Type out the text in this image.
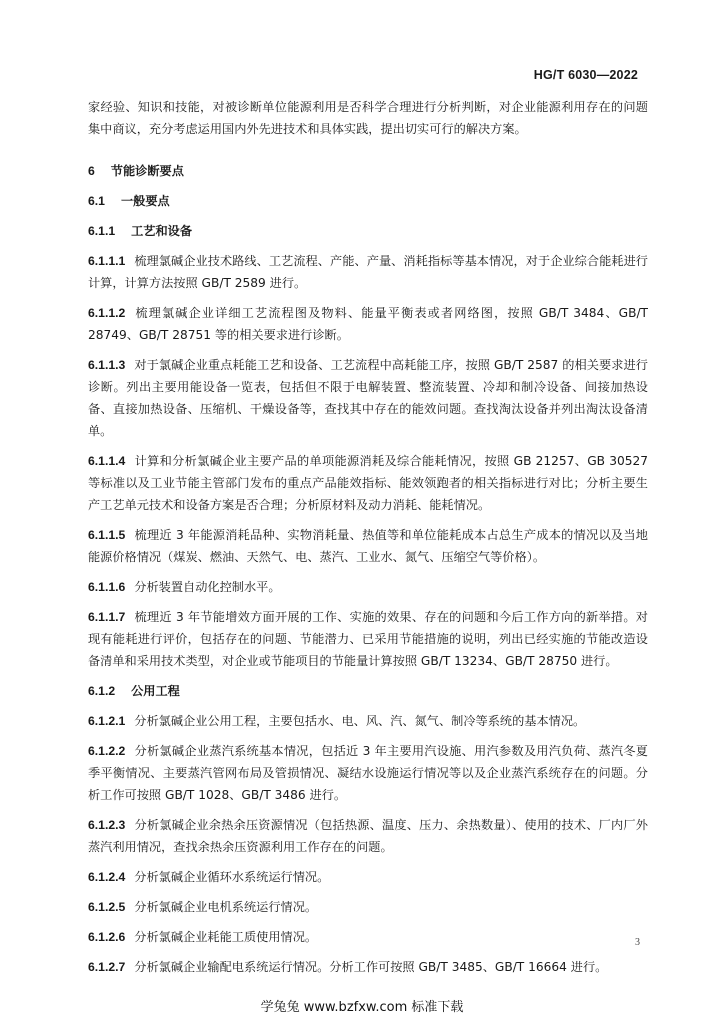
HG/T 6030—2022

家经验、知识和技能，对被诊断单位能源利用是否科学合理进行分析判断，对企业能源利用存在的问题集中商议，充分考虑运用国内外先进技术和具体实践，提出切实可行的解决方案。

6 节能诊断要点

6.1 一般要点

6.1.1 工艺和设备

6.1.1.1 梳理氯碱企业技术路线、工艺流程、产能、产量、消耗指标等基本情况，对于企业综合能耗进行计算，计算方法按照 GB/T 2589 进行。

6.1.1.2 梳理氯碱企业详细工艺流程图及物料、能量平衡表或者网络图，按照 GB/T 3484、GB/T 28749、GB/T 28751 等的相关要求进行诊断。

6.1.1.3 对于氯碱企业重点耗能工艺和设备、工艺流程中高耗能工序，按照 GB/T 2587 的相关要求进行诊断。列出主要用能设备一览表，包括但不限于电解装置、整流装置、冷却和制冷设备、间接加热设备、直接加热设备、压缩机、干燥设备等，查找其中存在的能效问题。查找淘汰设备并列出淘汰设备清单。

6.1.1.4 计算和分析氯碱企业主要产品的单项能源消耗及综合能耗情况，按照 GB 21257、GB 30527 等标准以及工业节能主管部门发布的重点产品能效指标、能效领跑者的相关指标进行对比；分析主要生产工艺单元技术和设备方案是否合理；分析原材料及动力消耗、能耗情况。

6.1.1.5 梳理近 3 年能源消耗品种、实物消耗量、热值等和单位能耗成本占总生产成本的情况以及当地能源价格情况（煤炭、燃油、天然气、电、蒸汽、工业水、氮气、压缩空气等价格）。

6.1.1.6 分析装置自动化控制水平。

6.1.1.7 梳理近 3 年节能增效方面开展的工作、实施的效果、存在的问题和今后工作方向的新举措。对现有能耗进行评价，包括存在的问题、节能潜力、已采用节能措施的说明，列出已经实施的节能改造设备清单和采用技术类型，对企业或节能项目的节能量计算按照 GB/T 13234、GB/T 28750 进行。

6.1.2 公用工程

6.1.2.1 分析氯碱企业公用工程，主要包括水、电、风、汽、氮气、制冷等系统的基本情况。

6.1.2.2 分析氯碱企业蒸汽系统基本情况，包括近 3 年主要用汽设施、用汽参数及用汽负荷、蒸汽冬夏季平衡情况、主要蒸汽管网布局及管损情况、凝结水设施运行情况等以及企业蒸汽系统存在的问题。分析工作可按照 GB/T 1028、GB/T 3486 进行。

6.1.2.3 分析氯碱企业余热余压资源情况（包括热源、温度、压力、余热数量）、使用的技术、厂内厂外蒸汽利用情况，查找余热余压资源利用工作存在的问题。

6.1.2.4 分析氯碱企业循环水系统运行情况。

6.1.2.5 分析氯碱企业电机系统运行情况。

6.1.2.6 分析氯碱企业耗能工质使用情况。

6.1.2.7 分析氯碱企业输配电系统运行情况。分析工作可按照 GB/T 3485、GB/T 16664 进行。

3
学兔兔 www.bzfxw.com 标准下载
